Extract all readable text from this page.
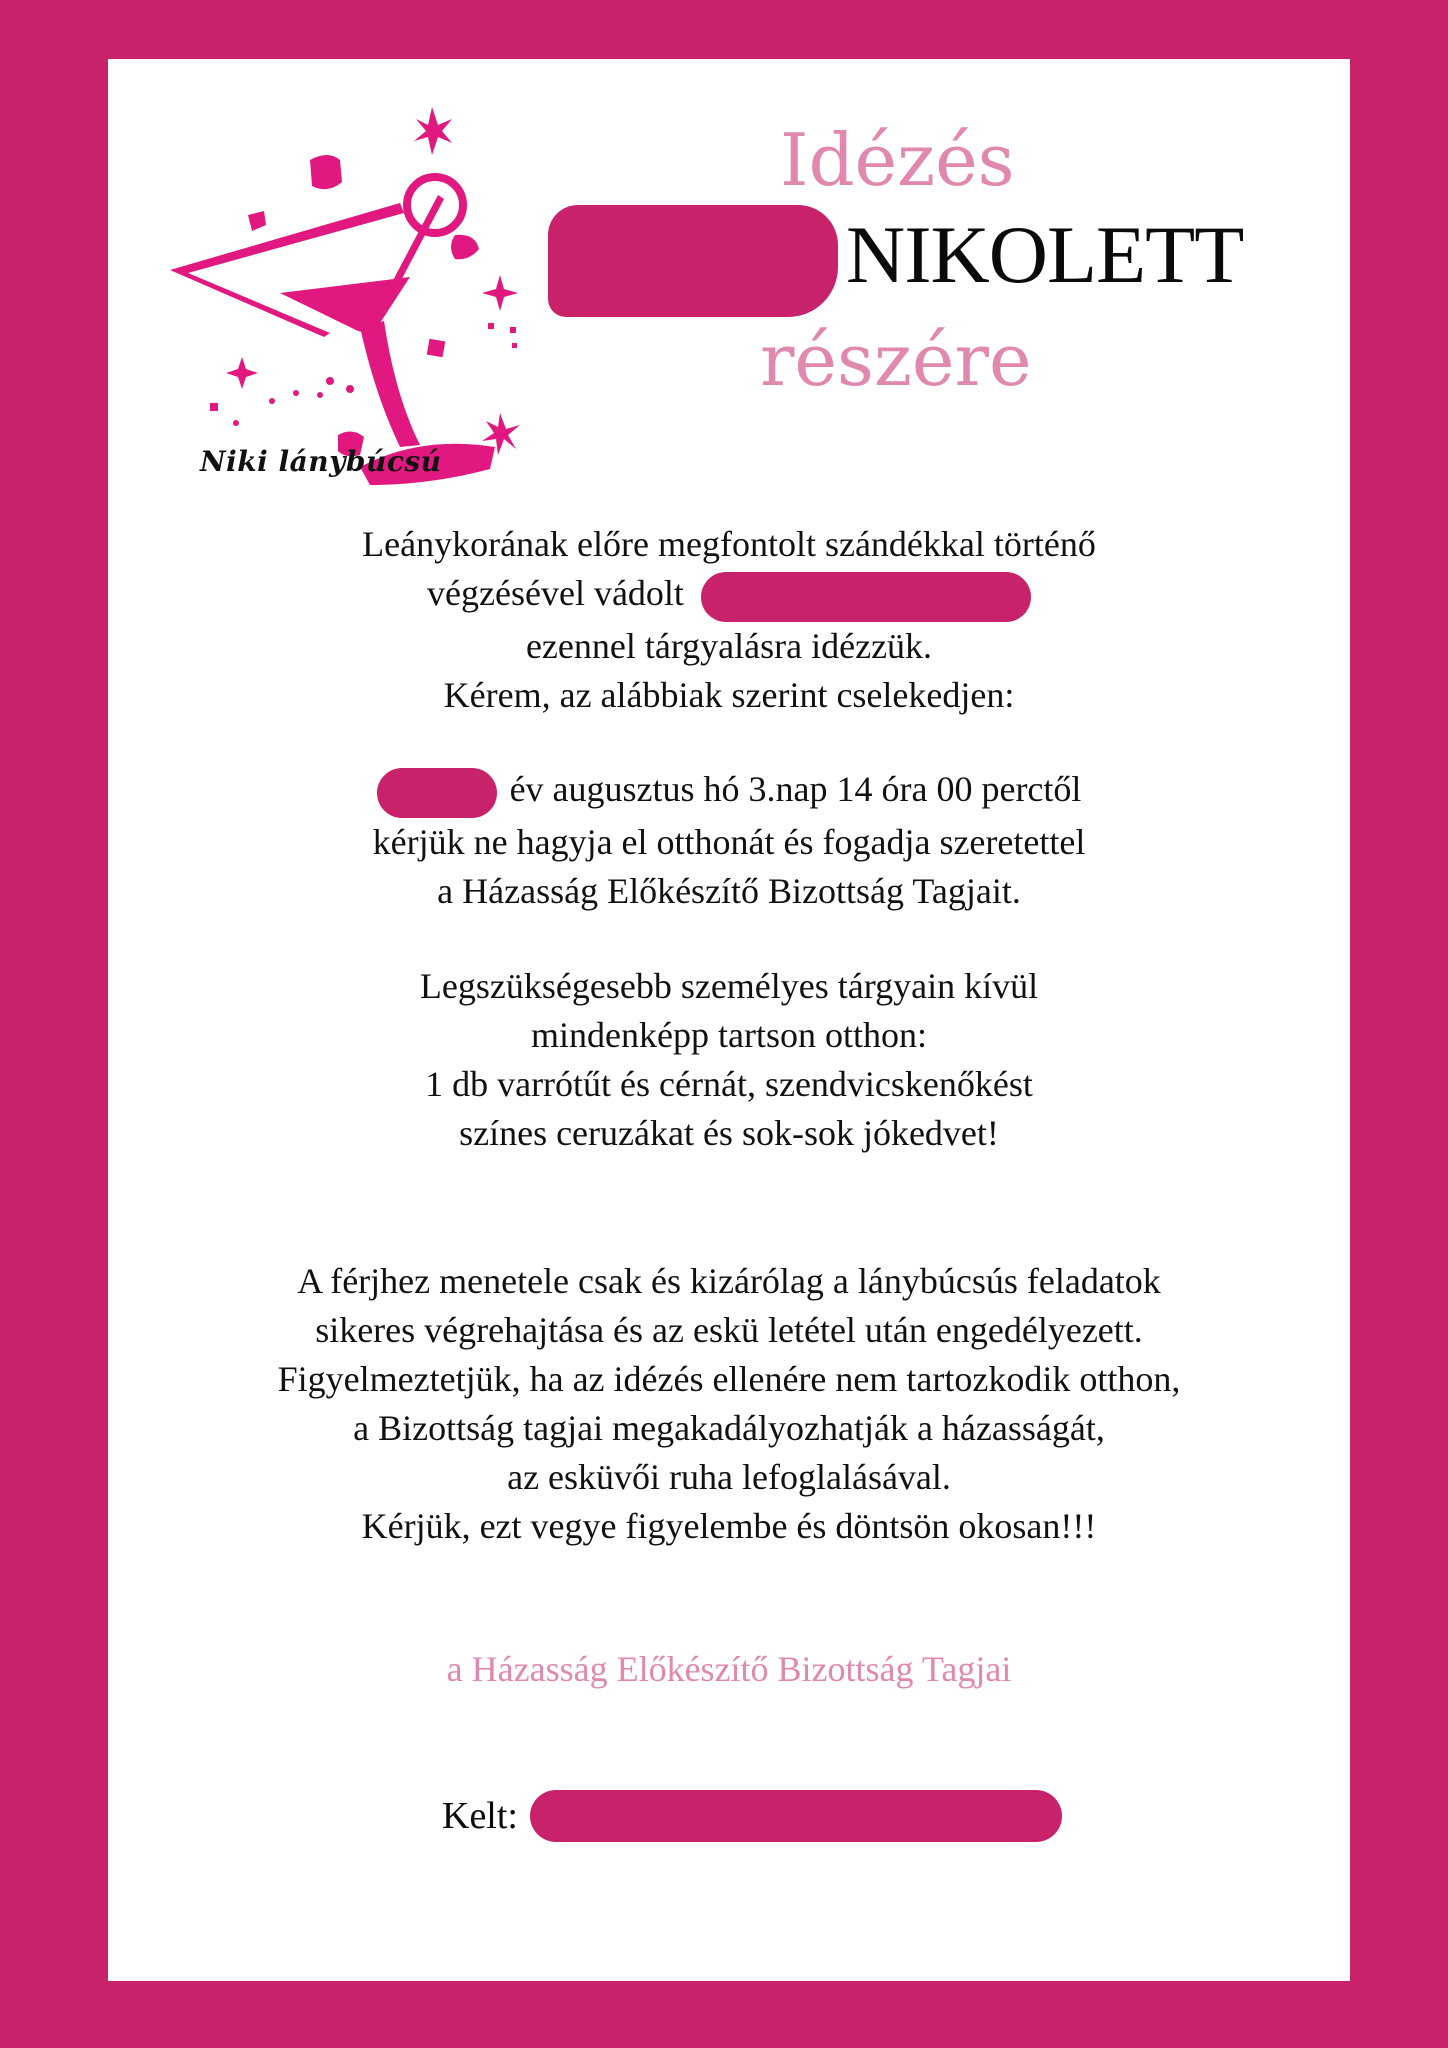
Niki lánybúcsú
Idézés
NIKOLETT
részére
Leánykorának előre megfontolt szándékkal történő
végzésével vádolt
ezennel tárgyalásra idézzük.
Kérem, az alábbiak szerint cselekedjen:
év augusztus hó 3.nap 14 óra 00 perctől
kérjük ne hagyja el otthonát és fogadja szeretettel
a Házasság Előkészítő Bizottság Tagjait.
Legszükségesebb személyes tárgyain kívül
mindenképp tartson otthon:
1 db varrótűt és cérnát, szendvicskenőkést
színes ceruzákat és sok-sok jókedvet!
A férjhez menetele csak és kizárólag a lánybúcsús feladatok
sikeres végrehajtása és az eskü letétel után engedélyezett.
Figyelmeztetjük, ha az idézés ellenére nem tartozkodik otthon,
a Bizottság tagjai megakadályozhatják a házasságát,
az esküvői ruha lefoglalásával.
Kérjük, ezt vegye figyelembe és döntsön okosan!!!
a Házasság Előkészítő Bizottság Tagjai
Kelt:
